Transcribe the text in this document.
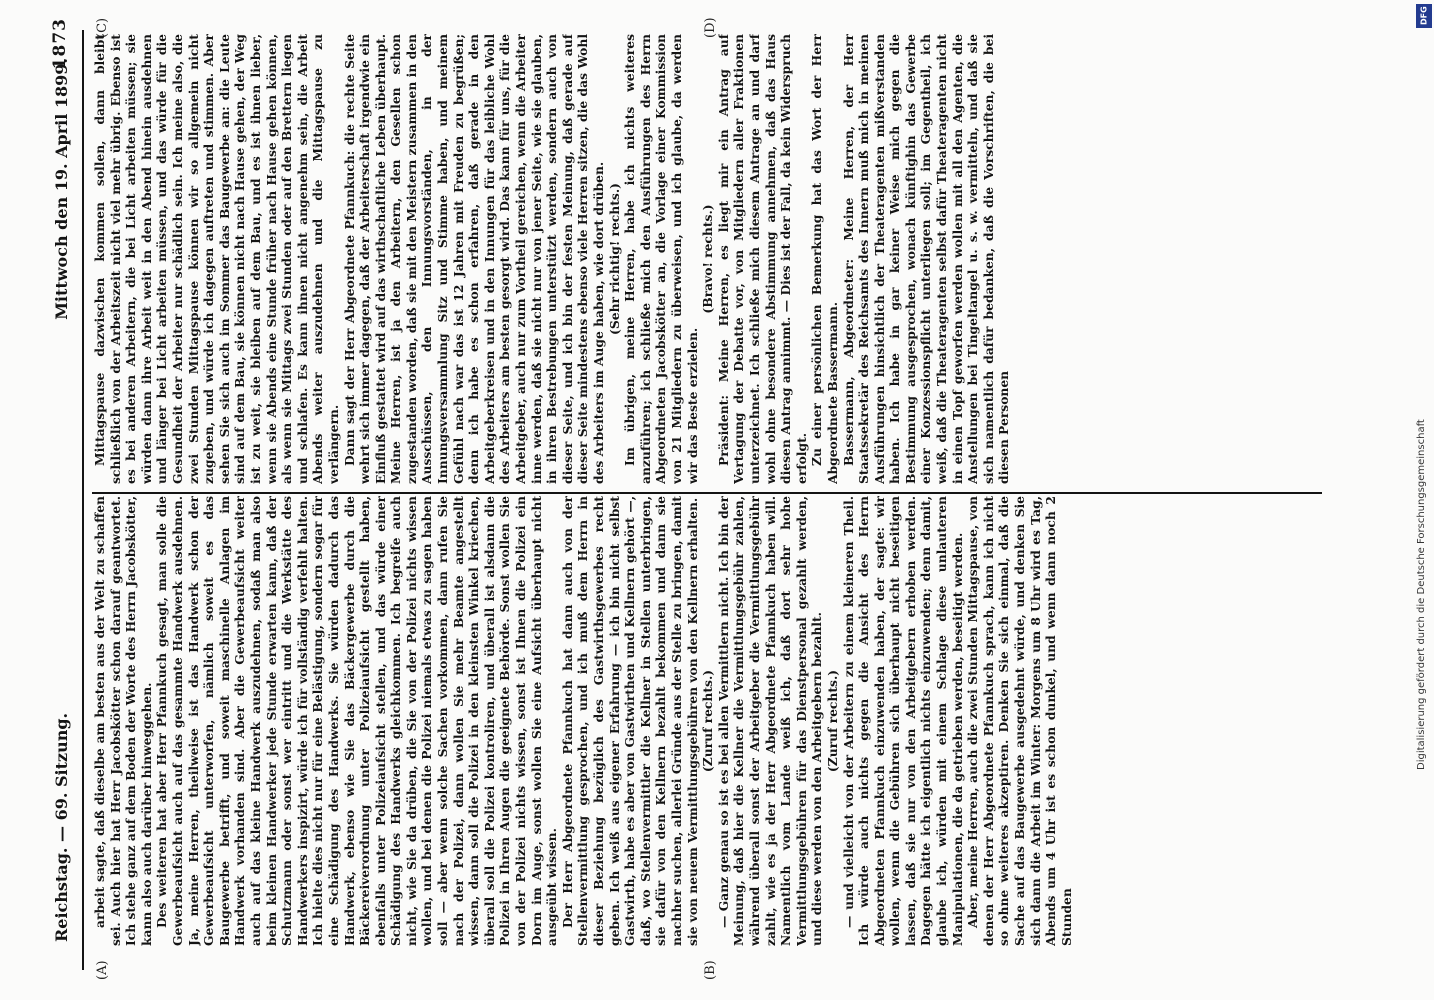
Reichstag. — 69. Sitzung.
Mittwoch den 19. April 1899.
1873
(A)	(B)
(C)	(D)

arbeit sagte, daß dieselbe am besten aus der Welt zu schaffen sei. Auch hier hat Herr Jacobskötter schon darauf geantwortet. Ich stehe ganz auf dem Boden der Worte des Herrn Jacobskötter, kann also auch darüber hinweggehen. Des weiteren hat aber Herr Pfannkuch gesagt, man solle die Gewerbeaufsicht auch auf das gesammte Handwerk ausdehnen. Ja, meine Herren, theilweise ist das Handwerk schon der Gewerbeaufsicht unterworfen, nämlich soweit es das Baugewerbe betrifft, und soweit maschinelle Anlagen im Handwerk vorhanden sind. Aber die Gewerbeaufsicht weiter auch auf das kleine Handwerk auszudehnen, sodaß man also beim kleinen Handwerker jede Stunde erwarten kann, daß der Schutzmann oder sonst wer eintritt und die Werkstätte des Handwerkers inspizirt, würde ich für vollständig verfehlt halten. Ich hielte dies nicht nur für eine Belästigung, sondern sogar für eine Schädigung des Handwerks. Sie würden dadurch das Handwerk, ebenso wie Sie das Bäckergewerbe durch die Bäckereiverordnung unter Polizeiaufsicht gestellt haben, ebenfalls unter Polizeiaufsicht stellen, und das würde einer Schädigung des Handwerks gleichkommen. Ich begreife auch nicht, wie Sie da drüben, die Sie von der Polizei nichts wissen wollen, und bei denen die Polizei niemals etwas zu sagen haben soll — aber wenn solche Sachen vorkommen, dann rufen Sie nach der Polizei, dann wollen Sie mehr Beamte angestellt wissen, dann soll die Polizei in den kleinsten Winkel kriechen, überall soll die Polizei kontroliren, und überall ist alsdann die Polizei in Ihren Augen die geeignete Behörde. Sonst wollen Sie von der Polizei nichts wissen, sonst ist Ihnen die Polizei ein Dorn im Auge, sonst wollen Sie eine Aufsicht überhaupt nicht ausgeübt wissen. Der Herr Abgeordnete Pfannkuch hat dann auch von der Stellenvermittlung gesprochen, und ich muß dem Herrn in dieser Beziehung bezüglich des Gastwirthsgewerbes recht geben. Ich weiß aus eigener Erfahrung — ich bin nicht selbst Gastwirth, habe es aber von Gastwirthen und Kellnern gehört —, daß, wo Stellenvermittler die Kellner in Stellen unterbringen, sie dafür von den Kellnern bezahlt bekommen und dann sie nachher suchen, allerlei Gründe aus der Stelle zu bringen, damit sie von neuem Vermittlungsgebühren von den Kellnern erhalten. (Zuruf rechts.) — Ganz genau so ist es bei allen Vermittlern nicht. Ich bin der Meinung, daß hier die Kellner die Vermittlungsgebühr zahlen, während überall sonst der Arbeitgeber die Vermittlungsgebühr zahlt, wie es ja der Herr Abgeordnete Pfannkuch haben will. Namentlich vom Lande weiß ich, daß dort sehr hohe Vermittlungsgebühren für das Dienstpersonal gezahlt werden, und diese werden von den Arbeitgebern bezahlt. (Zuruf rechts.) — und vielleicht von der Arbeitern zu einem kleineren Theil. Ich würde auch nichts gegen die Ansicht des Herrn Abgeordneten Pfannkuch einzuwenden haben, der sagte: wir wollen, wenn die Gebühren sich überhaupt nicht beseitigen lassen, daß sie nur von den Arbeitgebern erhoben werden. Dagegen hätte ich eigentlich nichts einzuwenden; denn damit, glaube ich, würden mit einem Schlage diese unlauteren Manipulationen, die da getrieben werden, beseitigt werden. Aber, meine Herren, auch die zwei Stunden Mittagspause, von denen der Herr Abgeordnete Pfannkuch sprach, kann ich nicht so ohne weiteres akzeptiren. Denken Sie sich einmal, daß die Sache auf das Baugewerbe ausgedehnt würde, und denken Sie sich dann die Arbeit im Winter: Morgens um 8 Uhr wird es Tag, Abends um 4 Uhr ist es schon dunkel, und wenn dann noch 2 Stunden

Mittagspause dazwischen kommen sollen, dann bleibt schließlich von der Arbeitszeit nicht viel mehr übrig. Ebenso ist es bei anderen Arbeitern, die bei Licht arbeiten müssen; sie würden dann ihre Arbeit weit in den Abend hinein ausdehnen und länger bei Licht arbeiten müssen, und das würde für die Gesundheit der Arbeiter nur schädlich sein. Ich meine also, die zwei Stunden Mittagspause können wir so allgemein nicht zugeben, und würde ich dagegen auftreten und stimmen. Aber sehen Sie sich auch im Sommer das Baugewerbe an: die Leute sind auf dem Bau, sie können nicht nach Hause gehen, der Weg ist zu weit, sie bleiben auf dem Bau, und es ist ihnen lieber, wenn sie Abends eine Stunde früher nach Hause gehen können, als wenn sie Mittags zwei Stunden oder auf den Brettern liegen und schlafen. Es kann ihnen nicht angenehm sein, die Arbeit Abends weiter auszudehnen und die Mittagspause zu verlängern. Dann sagt der Herr Abgeordnete Pfannkuch: die rechte Seite wehrt sich immer dagegen, daß der Arbeiterschaft irgendwie ein Einfluß gestattet wird auf das wirthschaftliche Leben überhaupt. Meine Herren, ist ja den Arbeitern, den Gesellen schon zugestanden worden, daß sie mit den Meistern zusammen in den Ausschüssen, den Innungsvorständen, in der Innungsversammlung Sitz und Stimme haben, und meinem Gefühl nach war das ist 12 Jahren mit Freuden zu begrüßen; denn ich habe es schon erfahren, daß gerade in den Arbeitgeberkreisen und in den Innungen für das leibliche Wohl des Arbeiters am besten gesorgt wird. Das kann für uns, für die Arbeitgeber, auch nur zum Vortheil gereichen, wenn die Arbeiter inne werden, daß sie nicht nur von jener Seite, wie sie glauben, in ihren Bestrebungen unterstützt werden, sondern auch von dieser Seite, und ich bin der festen Meinung, daß gerade auf dieser Seite mindestens ebenso viele Herren sitzen, die das Wohl des Arbeiters im Auge haben, wie dort drüben. (Sehr richtig! rechts.) Im übrigen, meine Herren, habe ich nichts weiteres anzuführen; ich schließe mich den Ausführungen des Herrn Abgeordneten Jacobskötter an, die Vorlage einer Kommission von 21 Mitgliedern zu überweisen, und ich glaube, da werden wir das Beste erzielen.

(Bravo! rechts.) Präsident: Meine Herren, es liegt mir ein Antrag auf Vertagung der Debatte vor, von Mitgliedern aller Fraktionen unterzeichnet. Ich schließe mich diesem Antrage an und darf wohl ohne besondere Abstimmung annehmen, daß das Haus diesen Antrag annimmt. — Dies ist der Fall, da kein Widerspruch erfolgt. Zu einer persönlichen Bemerkung hat das Wort der Herr Abgeordnete Bassermann. Bassermann, Abgeordneter: Meine Herren, der Herr Staatssekretär des Reichsamts des Innern muß mich in meinen Ausführungen hinsichtlich der Theateragenten mißverstanden haben. Ich habe in gar keiner Weise mich gegen die Bestimmung ausgesprochen, wonach künftighin das Gewerbe einer Konzessionspflicht unterliegen soll; im Gegentheil, ich weiß, daß die Theateragenten selbst dafür Theateragenten nicht in einen Topf geworfen werden wollen mit all den Agenten, die Anstellungen bei Tingeltangel u. s. w. vermitteln, und daß sie sich namentlich dafür bedanken, daß die Vorschriften, die bei diesen Personen

DFG
Digitalisierung gefördert durch die Deutsche Forschungsgemeinschaft
